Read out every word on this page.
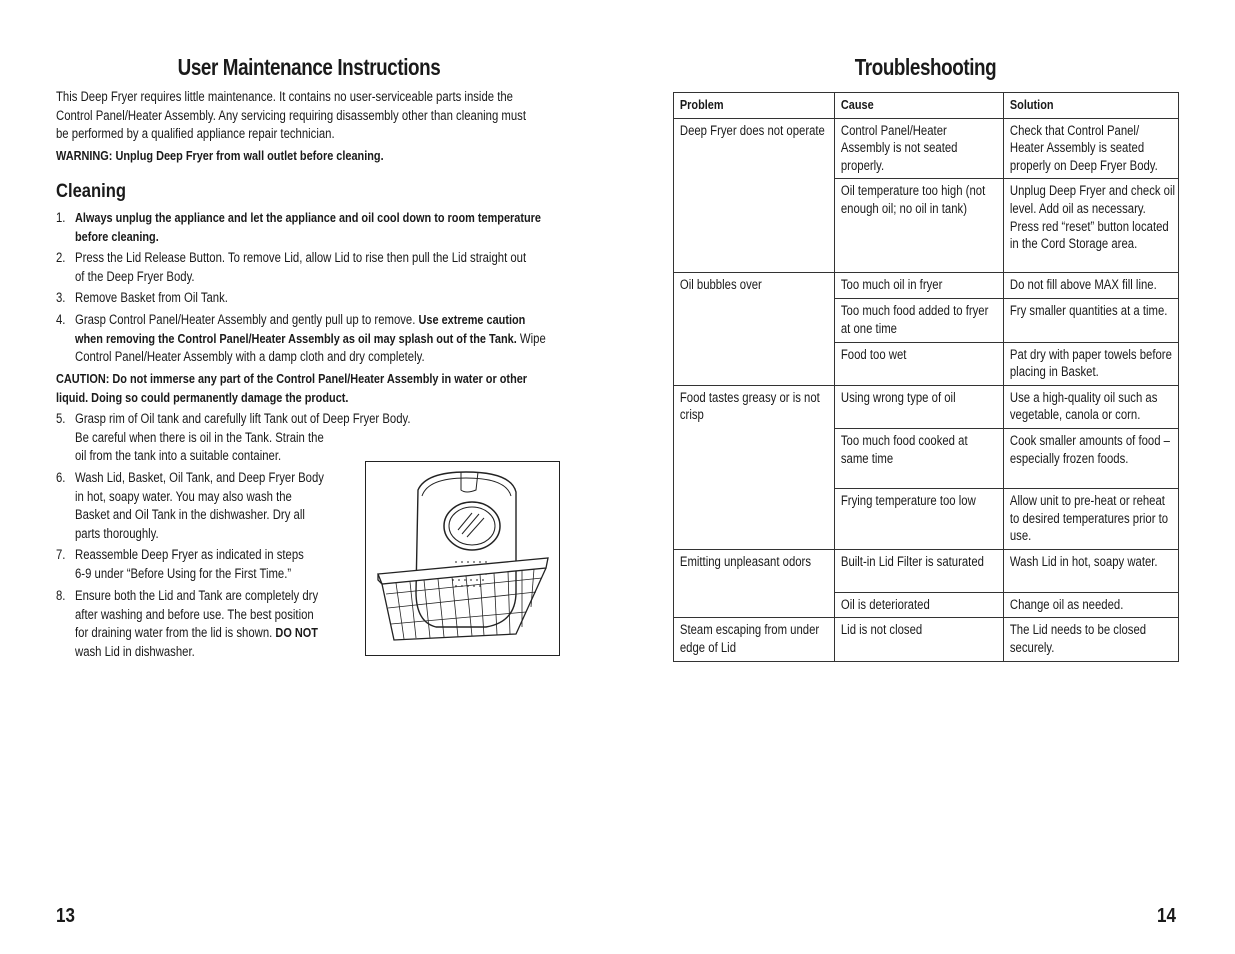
User Maintenance Instructions
This Deep Fryer requires little maintenance. It contains no user-serviceable parts inside the
Control Panel/Heater Assembly. Any servicing requiring disassembly other than cleaning must
be performed by a qualified appliance repair technician.
WARNING: Unplug Deep Fryer from wall outlet before cleaning.
Cleaning
1. Always unplug the appliance and let the appliance and oil cool down to room temperature
before cleaning.
2. Press the Lid Release Button. To remove Lid, allow Lid to rise then pull the Lid straight out
of the Deep Fryer Body.
3. Remove Basket from Oil Tank.
4. Grasp Control Panel/Heater Assembly and gently pull up to remove. Use extreme caution
when removing the Control Panel/Heater Assembly as oil may splash out of the Tank. Wipe
Control Panel/Heater Assembly with a damp cloth and dry completely.
CAUTION: Do not immerse any part of the Control Panel/Heater Assembly in water or other
liquid. Doing so could permanently damage the product.
5. Grasp rim of Oil tank and carefully lift Tank out of Deep Fryer Body.
Be careful when there is oil in the Tank. Strain the
oil from the tank into a suitable container.
6. Wash Lid, Basket, Oil Tank, and Deep Fryer Body
in hot, soapy water. You may also wash the
Basket and Oil Tank in the dishwasher. Dry all
parts thoroughly.
7. Reassemble Deep Fryer as indicated in steps
6-9 under “Before Using for the First Time.”
8. Ensure both the Lid and Tank are completely dry
after washing and before use. The best position
for draining water from the lid is shown. DO NOT
wash Lid in dishwasher.
13
Troubleshooting
Problem	Cause	Solution

Deep Fryer does not operate	Control Panel/Heater Assembly is not seated properly.	Check that Control Panel/ Heater Assembly is seated properly on Deep Fryer Body.

	Oil temperature too high (not enough oil; no oil in tank)	Unplug Deep Fryer and check oil level. Add oil as necessary. Press red “reset” button located in the Cord Storage area.

Oil bubbles over	Too much oil in fryer	Do not fill above MAX fill line.

	Too much food added to fryer at one time	Fry smaller quantities at a time.

	Food too wet	Pat dry with paper towels before placing in Basket.

Food tastes greasy or is not crisp	Using wrong type of oil	Use a high-quality oil such as vegetable, canola or corn.

	Too much food cooked at same time	Cook smaller amounts of food – especially frozen foods.

	Frying temperature too low	Allow unit to pre-heat or reheat to desired temperatures prior to use.

Emitting unpleasant odors	Built-in Lid Filter is saturated	Wash Lid in hot, soapy water.

	Oil is deteriorated	Change oil as needed.

Steam escaping from under edge of Lid	Lid is not closed	The Lid needs to be closed securely.
14
